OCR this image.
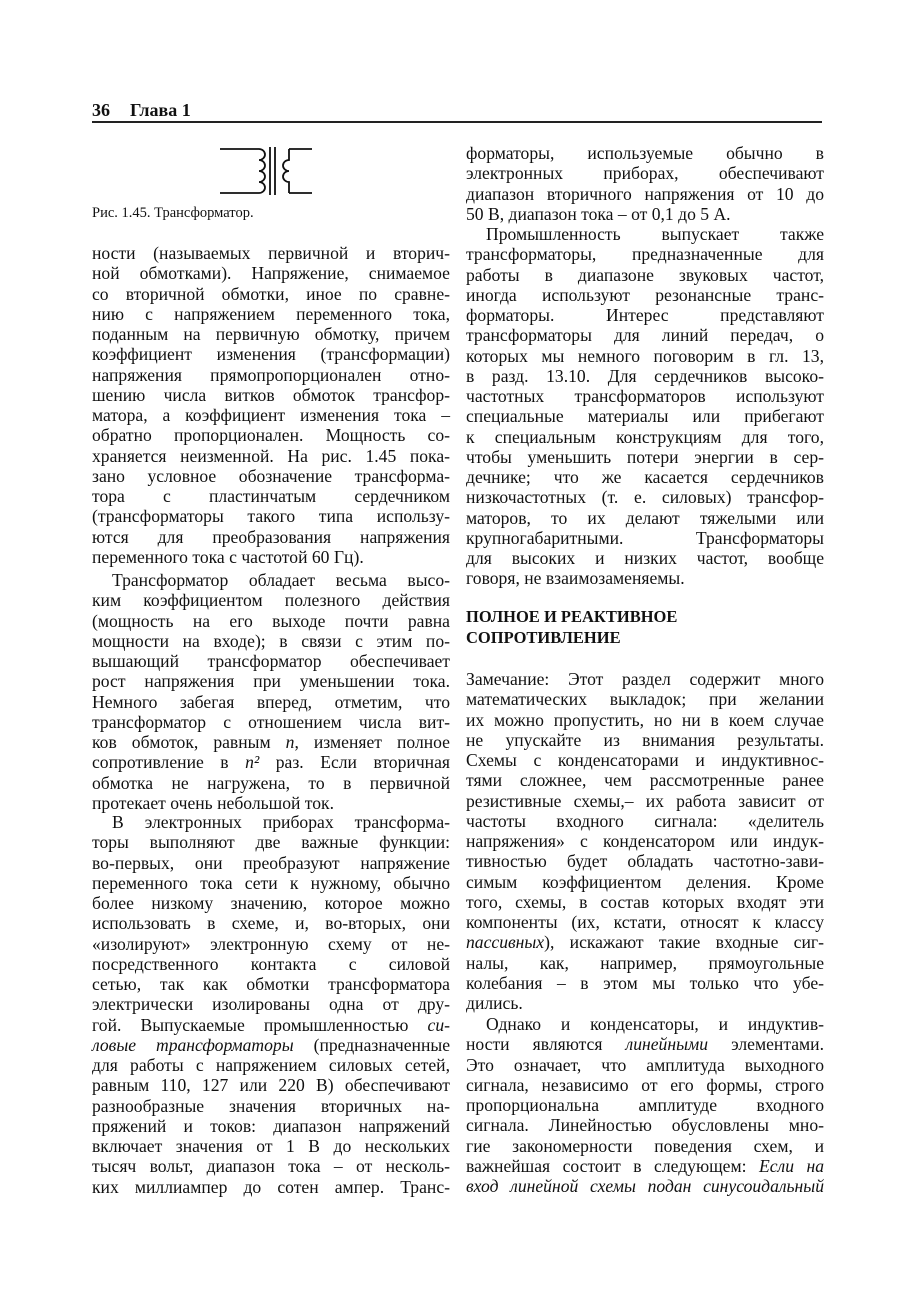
36 Глава 1
Рис. 1.45. Трансформатор.
ности (называемых первичной и вторич-
ной обмотками). Напряжение, снимаемое
со вторичной обмотки, иное по сравне-
нию с напряжением переменного тока,
поданным на первичную обмотку, причем
коэффициент изменения (трансформации)
напряжения прямопропорционален отно-
шению числа витков обмоток трансфор-
матора, а коэффициент изменения тока –
обратно пропорционален. Мощность со-
храняется неизменной. На рис. 1.45 пока-
зано условное обозначение трансформа-
тора с пластинчатым сердечником
(трансформаторы такого типа использу-
ются для преобразования напряжения
переменного тока с частотой 60 Гц).
Трансформатор обладает весьма высо-
ким коэффициентом полезного действия
(мощность на его выходе почти равна
мощности на входе); в связи с этим по-
вышающий трансформатор обеспечивает
рост напряжения при уменьшении тока.
Немного забегая вперед, отметим, что
трансформатор с отношением числа вит-
ков обмоток, равным n, изменяет полное
сопротивление в n² раз. Если вторичная
обмотка не нагружена, то в первичной
протекает очень небольшой ток.
В электронных приборах трансформа-
торы выполняют две важные функции:
во-первых, они преобразуют напряжение
переменного тока сети к нужному, обычно
более низкому значению, которое можно
использовать в схеме, и, во-вторых, они
«изолируют» электронную схему от не-
посредственного контакта с силовой
сетью, так как обмотки трансформатора
электрически изолированы одна от дру-
гой. Выпускаемые промышленностью си-
ловые трансформаторы (предназначенные
для работы с напряжением силовых сетей,
равным 110, 127 или 220 В) обеспечивают
разнообразные значения вторичных на-
пряжений и токов: диапазон напряжений
включает значения от 1 В до нескольких
тысяч вольт, диапазон тока – от несколь-
ких миллиампер до сотен ампер. Транс-
ПОЛНОЕ И РЕАКТИВНОЕ
СОПРОТИВЛЕНИЕ
форматоры, используемые обычно в
электронных приборах, обеспечивают
диапазон вторичного напряжения от 10 до
50 В, диапазон тока – от 0,1 до 5 А.
Промышленность выпускает также
трансформаторы, предназначенные для
работы в диапазоне звуковых частот,
иногда используют резонансные транс-
форматоры. Интерес представляют
трансформаторы для линий передач, о
которых мы немного поговорим в гл. 13,
в разд. 13.10. Для сердечников высоко-
частотных трансформаторов используют
специальные материалы или прибегают
к специальным конструкциям для того,
чтобы уменьшить потери энергии в сер-
дечнике; что же касается сердечников
низкочастотных (т. е. силовых) трансфор-
маторов, то их делают тяжелыми или
крупногабаритными. Трансформаторы
для высоких и низких частот, вообще
говоря, не взаимозаменяемы.
Замечание: Этот раздел содержит много
математических выкладок; при желании
их можно пропустить, но ни в коем случае
не упускайте из внимания результаты.
Схемы с конденсаторами и индуктивнос-
тями сложнее, чем рассмотренные ранее
резистивные схемы,– их работа зависит от
частоты входного сигнала: «делитель
напряжения» с конденсатором или индук-
тивностью будет обладать частотно-зави-
симым коэффициентом деления. Кроме
того, схемы, в состав которых входят эти
компоненты (их, кстати, относят к классу
пассивных), искажают такие входные сиг-
налы, как, например, прямоугольные
колебания – в этом мы только что убе-
дились.
Однако и конденсаторы, и индуктив-
ности являются линейными элементами.
Это означает, что амплитуда выходного
сигнала, независимо от его формы, строго
пропорциональна амплитуде входного
сигнала. Линейностью обусловлены мно-
гие закономерности поведения схем, и
важнейшая состоит в следующем: Если на
вход линейной схемы подан синусоидальный
